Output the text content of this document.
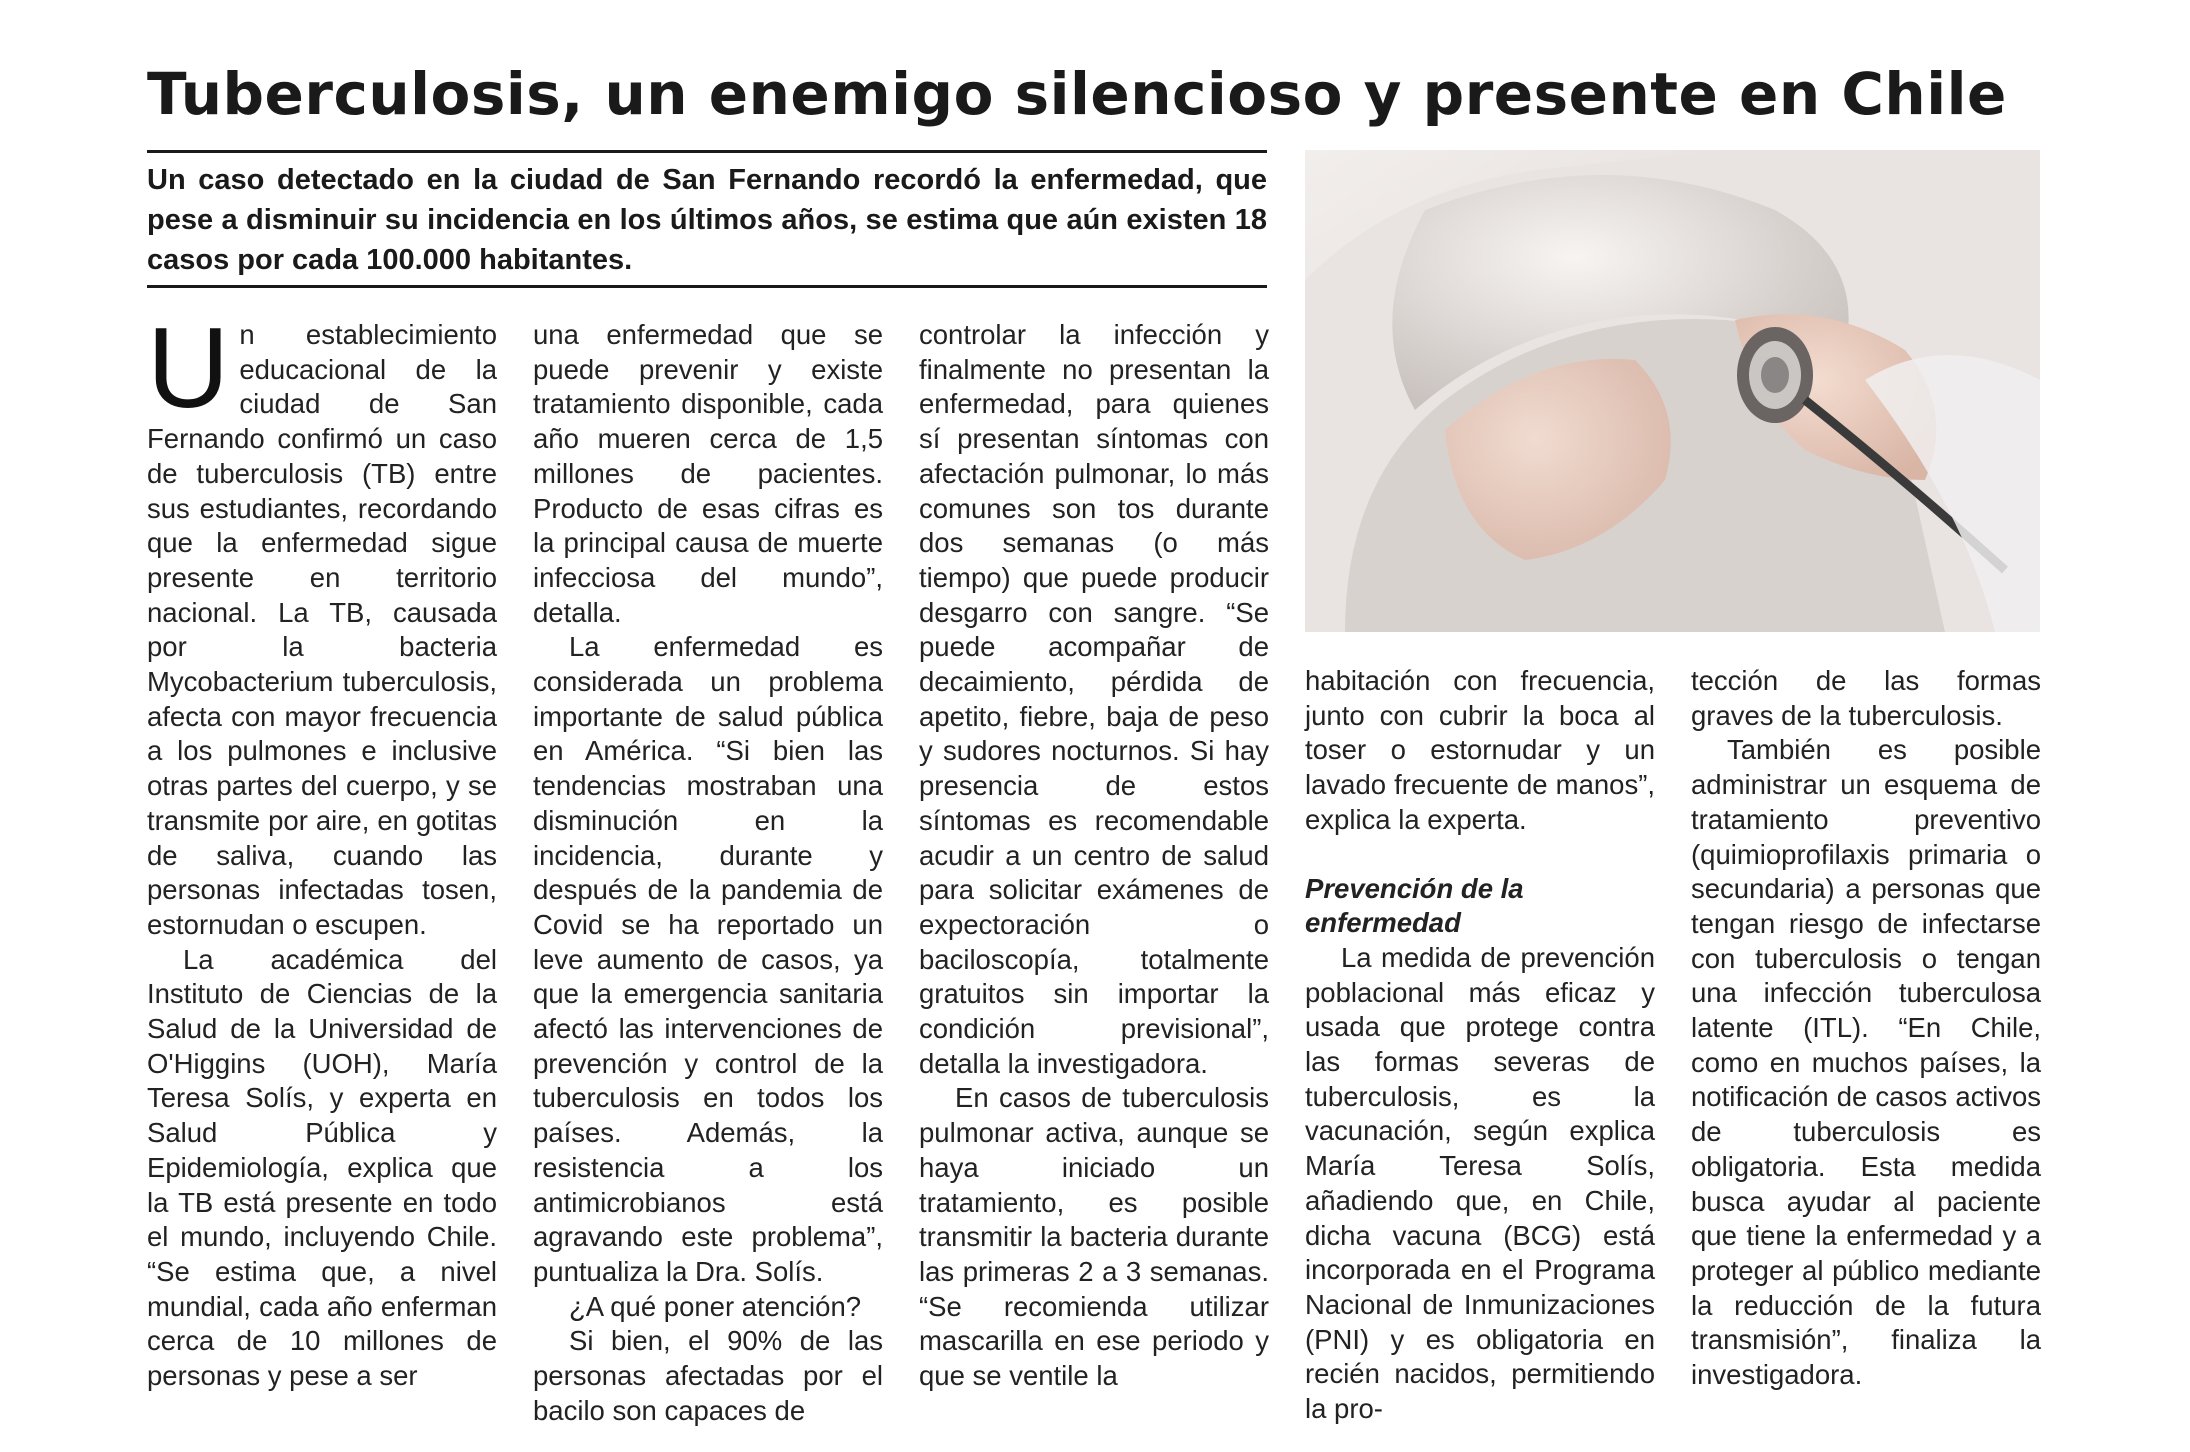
Tuberculosis, un enemigo silencioso y presente en Chile

Un caso detectado en la ciudad de San Fernando recordó la enfermedad, que pese a disminuir su incidencia en los últimos años, se estima que aún existen 18 casos por cada 100.000 habitantes.

Un establecimiento educacional de la ciudad de San Fernando confirmó un caso de tuberculosis (TB) entre sus estudiantes, recordando que la enfermedad sigue presente en territorio nacional. La TB, causada por la bacteria Mycobacterium tuberculosis, afecta con mayor frecuencia a los pulmones e inclusive otras partes del cuerpo, y se transmite por aire, en gotitas de saliva, cuando las personas infectadas tosen, estornudan o escupen.

La académica del Instituto de Ciencias de la Salud de la Universidad de O'Higgins (UOH), María Teresa Solís, y experta en Salud Pública y Epidemiología, explica que la TB está presente en todo el mundo, incluyendo Chile. “Se estima que, a nivel mundial, cada año enferman cerca de 10 millones de personas y pese a ser

una enfermedad que se puede prevenir y existe tratamiento disponible, cada año mueren cerca de 1,5 millones de pacientes. Producto de esas cifras es la principal causa de muerte infecciosa del mundo”, detalla.

La enfermedad es considerada un problema importante de salud pública en América. “Si bien las tendencias mostraban una disminución en la incidencia, durante y después de la pandemia de Covid se ha reportado un leve aumento de casos, ya que la emergencia sanitaria afectó las intervenciones de prevención y control de la tuberculosis en todos los países. Además, la resistencia a los antimicrobianos está agravando este problema”, puntualiza la Dra. Solís.

¿A qué poner atención?

Si bien, el 90% de las personas afectadas por el bacilo son capaces de

controlar la infección y finalmente no presentan la enfermedad, para quienes sí presentan síntomas con afectación pulmonar, lo más comunes son tos durante dos semanas (o más tiempo) que puede producir desgarro con sangre. “Se puede acompañar de decaimiento, pérdida de apetito, fiebre, baja de peso y sudores nocturnos. Si hay presencia de estos síntomas es recomendable acudir a un centro de salud para solicitar exámenes de expectoración o baciloscopía, totalmente gratuitos sin importar la condición previsional”, detalla la investigadora.

En casos de tuberculosis pulmonar activa, aunque se haya iniciado un tratamiento, es posible transmitir la bacteria durante las primeras 2 a 3 semanas. “Se recomienda utilizar mascarilla en ese periodo y que se ventile la

habitación con frecuencia, junto con cubrir la boca al toser o estornudar y un lavado frecuente de manos”, explica la experta.

Prevención de la enfermedad

La medida de prevención poblacional más eficaz y usada que protege contra las formas severas de tuberculosis, es la vacunación, según explica María Teresa Solís, añadiendo que, en Chile, dicha vacuna (BCG) está incorporada en el Programa Nacional de Inmunizaciones (PNI) y es obligatoria en recién nacidos, permitiendo la pro-

tección de las formas graves de la tuberculosis.

También es posible administrar un esquema de tratamiento preventivo (quimioprofilaxis primaria o secundaria) a personas que tengan riesgo de infectarse con tuberculosis o tengan una infección tuberculosa latente (ITL). “En Chile, como en muchos países, la notificación de casos activos de tuberculosis es obligatoria. Esta medida busca ayudar al paciente que tiene la enfermedad y a proteger al público mediante la reducción de la futura transmisión”, finaliza la investigadora.
